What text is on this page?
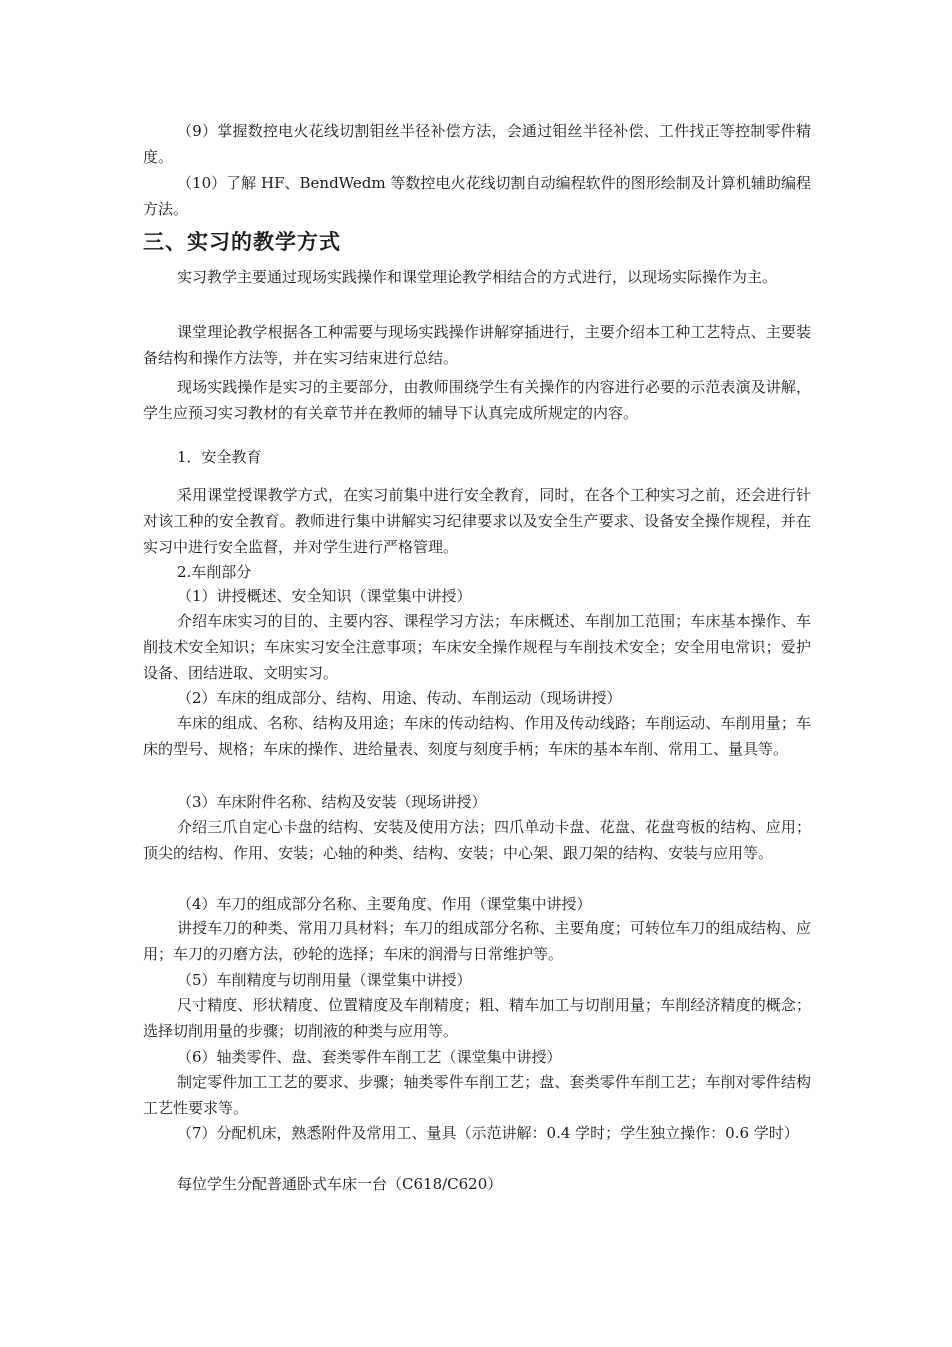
（9）掌握数控电火花线切割钼丝半径补偿方法，会通过钼丝半径补偿、工件找正等控制零件精度。

（10）了解 HF、BendWedm 等数控电火花线切割自动编程软件的图形绘制及计算机辅助编程方法。

三、实习的教学方式

实习教学主要通过现场实践操作和课堂理论教学相结合的方式进行，以现场实际操作为主。

课堂理论教学根据各工种需要与现场实践操作讲解穿插进行，主要介绍本工种工艺特点、主要装备结构和操作方法等，并在实习结束进行总结。

现场实践操作是实习的主要部分，由教师围绕学生有关操作的内容进行必要的示范表演及讲解，学生应预习实习教材的有关章节并在教师的辅导下认真完成所规定的内容。

1．安全教育

采用课堂授课教学方式，在实习前集中进行安全教育，同时，在各个工种实习之前，还会进行针对该工种的安全教育。教师进行集中讲解实习纪律要求以及安全生产要求、设备安全操作规程，并在实习中进行安全监督，并对学生进行严格管理。

2.车削部分

（1）讲授概述、安全知识（课堂集中讲授）

介绍车床实习的目的、主要内容、课程学习方法；车床概述、车削加工范围；车床基本操作、车削技术安全知识；车床实习安全注意事项；车床安全操作规程与车削技术安全；安全用电常识；爱护设备、团结进取、文明实习。

（2）车床的组成部分、结构、用途、传动、车削运动（现场讲授）

车床的组成、名称、结构及用途；车床的传动结构、作用及传动线路；车削运动、车削用量；车床的型号、规格；车床的操作、进给量表、刻度与刻度手柄；车床的基本车削、常用工、量具等。

（3）车床附件名称、结构及安装（现场讲授）

介绍三爪自定心卡盘的结构、安装及使用方法；四爪单动卡盘、花盘、花盘弯板的结构、应用；顶尖的结构、作用、安装；心轴的种类、结构、安装；中心架、跟刀架的结构、安装与应用等。

（4）车刀的组成部分名称、主要角度、作用（课堂集中讲授）

讲授车刀的种类、常用刀具材料；车刀的组成部分名称、主要角度；可转位车刀的组成结构、应用；车刀的刃磨方法，砂轮的选择；车床的润滑与日常维护等。

（5）车削精度与切削用量（课堂集中讲授）

尺寸精度、形状精度、位置精度及车削精度；粗、精车加工与切削用量；车削经济精度的概念；选择切削用量的步骤；切削液的种类与应用等。

（6）轴类零件、盘、套类零件车削工艺（课堂集中讲授）

制定零件加工工艺的要求、步骤；轴类零件车削工艺；盘、套类零件车削工艺；车削对零件结构工艺性要求等。

（7）分配机床，熟悉附件及常用工、量具（示范讲解：0.4 学时；学生独立操作：0.6 学时）

每位学生分配普通卧式车床一台（C618/C620）
